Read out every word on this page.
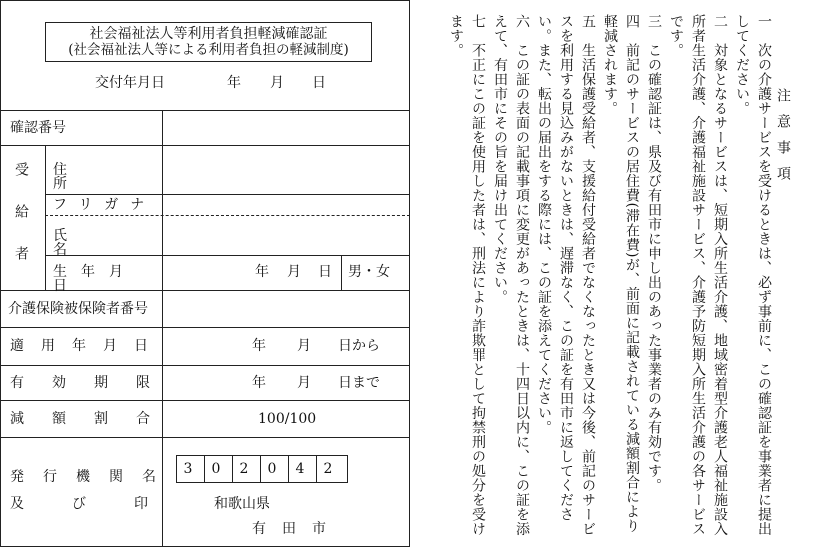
社会福祉法人等利用者負担軽減確認証
(社会福祉法人等による利用者負担の軽減制度)
交付年月日	年 月 日
確認番号
受給者 住所
フリガナ
氏名
生年月日
年 月 日 男・女
介護保険被保険者番号
適用年月日	年 月 日から
有効期限	年 月 日まで
減額割合	100/100
発行機関名
及び印
3	0	2	0	4	2
和歌山県
有田市
注意事項
一　次の介護サービスを受けるときは、必ず事前に、この確認証を事業者に提出してください。
二　対象となるサービスは、短期入所生活介護、地域密着型介護老人福祉施設入所者生活介護、介護福祉施設サービス、介護予防短期入所生活介護の各サービスです。
三　この確認証は、県及び有田市に申し出のあった事業者のみ有効です。
四　前記のサービスの居住費(滞在費)が、前面に記載されている減額割合により軽減されます。
五　生活保護受給者、支援給付受給者でなくなったとき又は今後、前記のサービスを利用する見込みがないときは、遅滞なく、この証を有田市に返してください。また、転出の届出をする際には、この証を添えてください。
六　この証の表面の記載事項に変更があったときは、十四日以内に、この証を添えて、有田市にその旨を届け出てください。
七　不正にこの証を使用した者は、刑法により詐欺罪として拘禁刑の処分を受けます。
